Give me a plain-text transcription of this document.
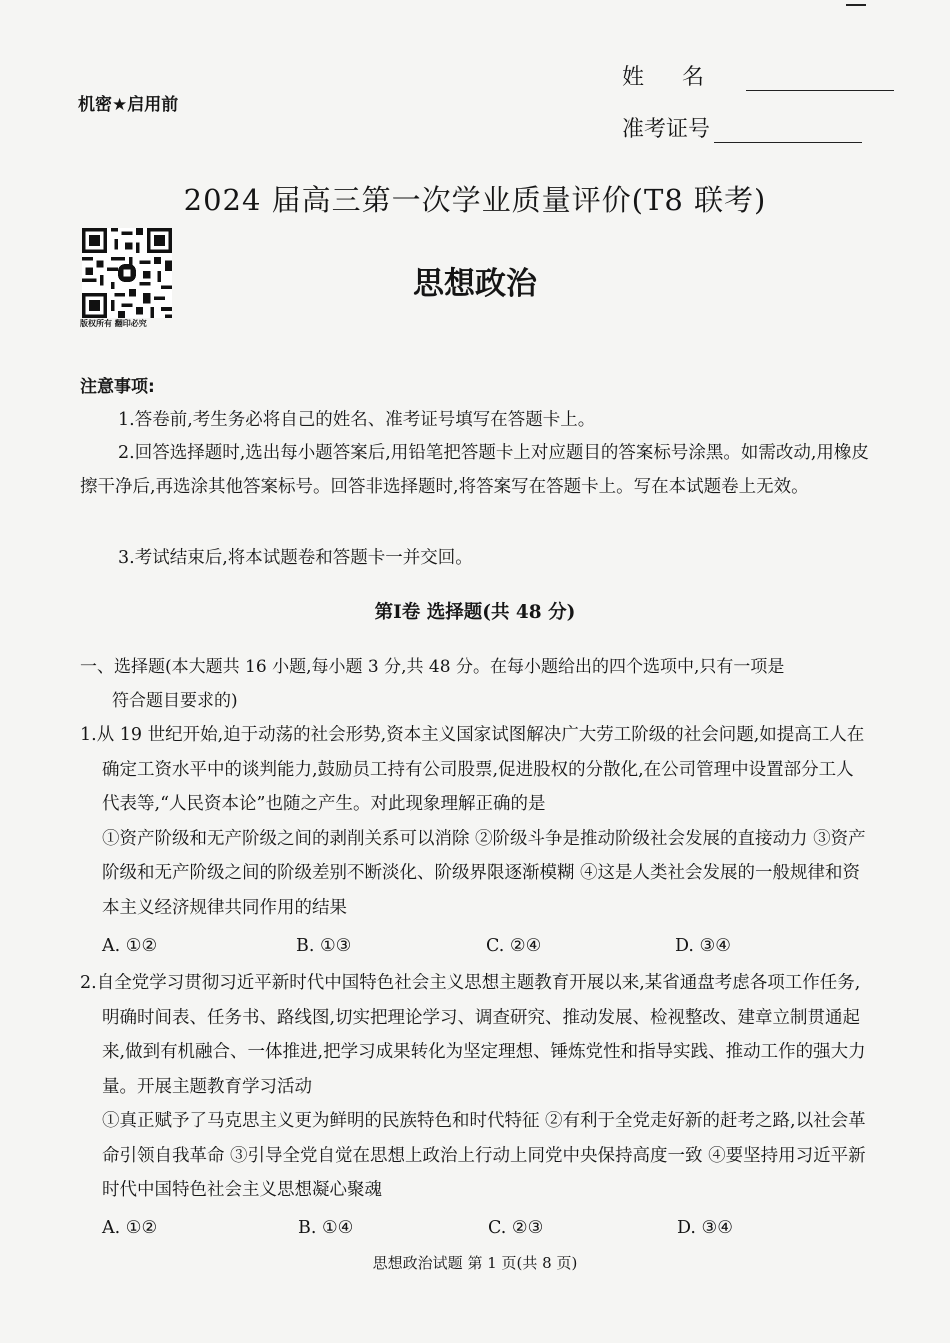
机密★启用前
姓名
准考证号
2024 届高三第一次学业质量评价(T8 联考)
版权所有 翻印必究
思想政治
注意事项:
1.答卷前,考生务必将自己的姓名、准考证号填写在答题卡上。
2.回答选择题时,选出每小题答案后,用铅笔把答题卡上对应题目的答案标号涂黑。如需改动,用橡皮擦干净后,再选涂其他答案标号。回答非选择题时,将答案写在答题卡上。写在本试题卷上无效。
3.考试结束后,将本试题卷和答题卡一并交回。
第Ⅰ卷 选择题(共 48 分)
一、选择题(本大题共 16 小题,每小题 3 分,共 48 分。在每小题给出的四个选项中,只有一项是
符合题目要求的)
1.从 19 世纪开始,迫于动荡的社会形势,资本主义国家试图解决广大劳工阶级的社会问题,如提高工人在确定工资水平中的谈判能力,鼓励员工持有公司股票,促进股权的分散化,在公司管理中设置部分工人代表等,“人民资本论”也随之产生。对此现象理解正确的是
①资产阶级和无产阶级之间的剥削关系可以消除 ②阶级斗争是推动阶级社会发展的直接动力 ③资产阶级和无产阶级之间的阶级差别不断淡化、阶级界限逐渐模糊 ④这是人类社会发展的一般规律和资本主义经济规律共同作用的结果
A. ①②	B. ①③	C. ②④	D. ③④
2.自全党学习贯彻习近平新时代中国特色社会主义思想主题教育开展以来,某省通盘考虑各项工作任务,明确时间表、任务书、路线图,切实把理论学习、调查研究、推动发展、检视整改、建章立制贯通起来,做到有机融合、一体推进,把学习成果转化为坚定理想、锤炼党性和指导实践、推动工作的强大力量。开展主题教育学习活动
①真正赋予了马克思主义更为鲜明的民族特色和时代特征 ②有利于全党走好新的赶考之路,以社会革命引领自我革命 ③引导全党自觉在思想上政治上行动上同党中央保持高度一致 ④要坚持用习近平新时代中国特色社会主义思想凝心聚魂
A. ①②	B. ①④	C. ②③	D. ③④
思想政治试题 第 1 页(共 8 页)
